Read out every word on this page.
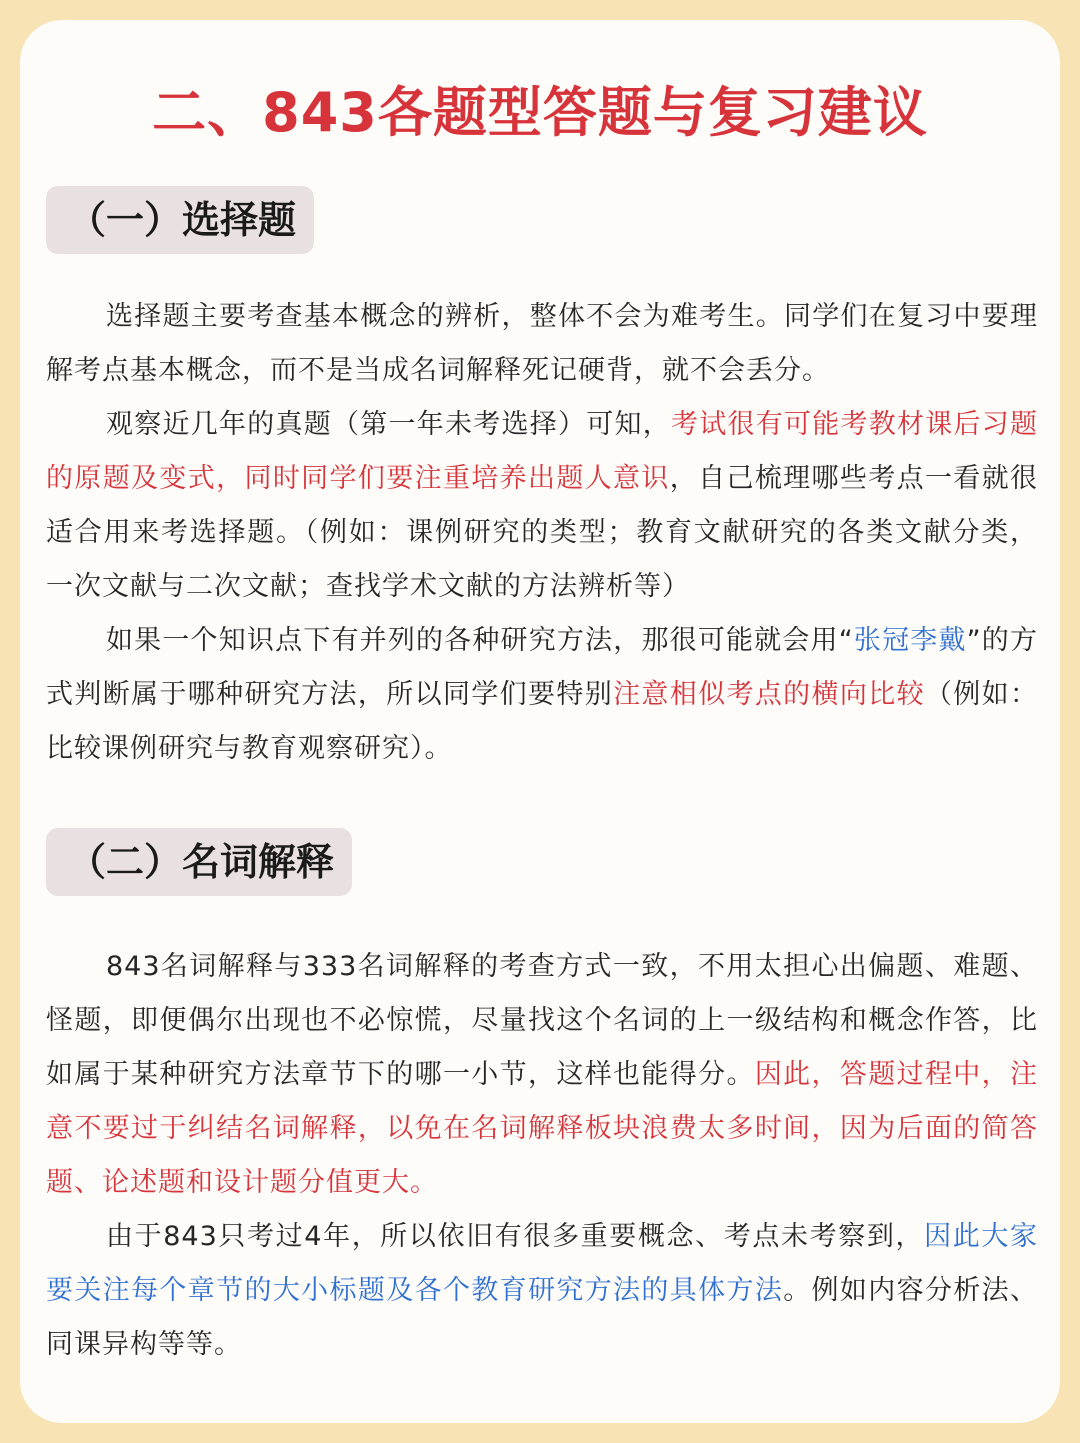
二、843各题型答题与复习建议
（一）选择题

选择题主要考查基本概念的辨析，整体不会为难考生。同学们在复习中要理解考点基本概念，而不是当成名词解释死记硬背，就不会丢分。

观察近几年的真题（第一年未考选择）可知，考试很有可能考教材课后习题的原题及变式，同时同学们要注重培养出题人意识，自己梳理哪些考点一看就很适合用来考选择题。（例如：课例研究的类型；教育文献研究的各类文献分类，一次文献与二次文献；查找学术文献的方法辨析等）

如果一个知识点下有并列的各种研究方法，那很可能就会用“张冠李戴”的方式判断属于哪种研究方法，所以同学们要特别注意相似考点的横向比较（例如：比较课例研究与教育观察研究）。

（二）名词解释

843名词解释与333名词解释的考查方式一致，不用太担心出偏题、难题、怪题，即便偶尔出现也不必惊慌，尽量找这个名词的上一级结构和概念作答，比如属于某种研究方法章节下的哪一小节，这样也能得分。因此，答题过程中，注意不要过于纠结名词解释，以免在名词解释板块浪费太多时间，因为后面的简答题、论述题和设计题分值更大。

由于843只考过4年，所以依旧有很多重要概念、考点未考察到，因此大家要关注每个章节的大小标题及各个教育研究方法的具体方法。例如内容分析法、同课异构等等。
